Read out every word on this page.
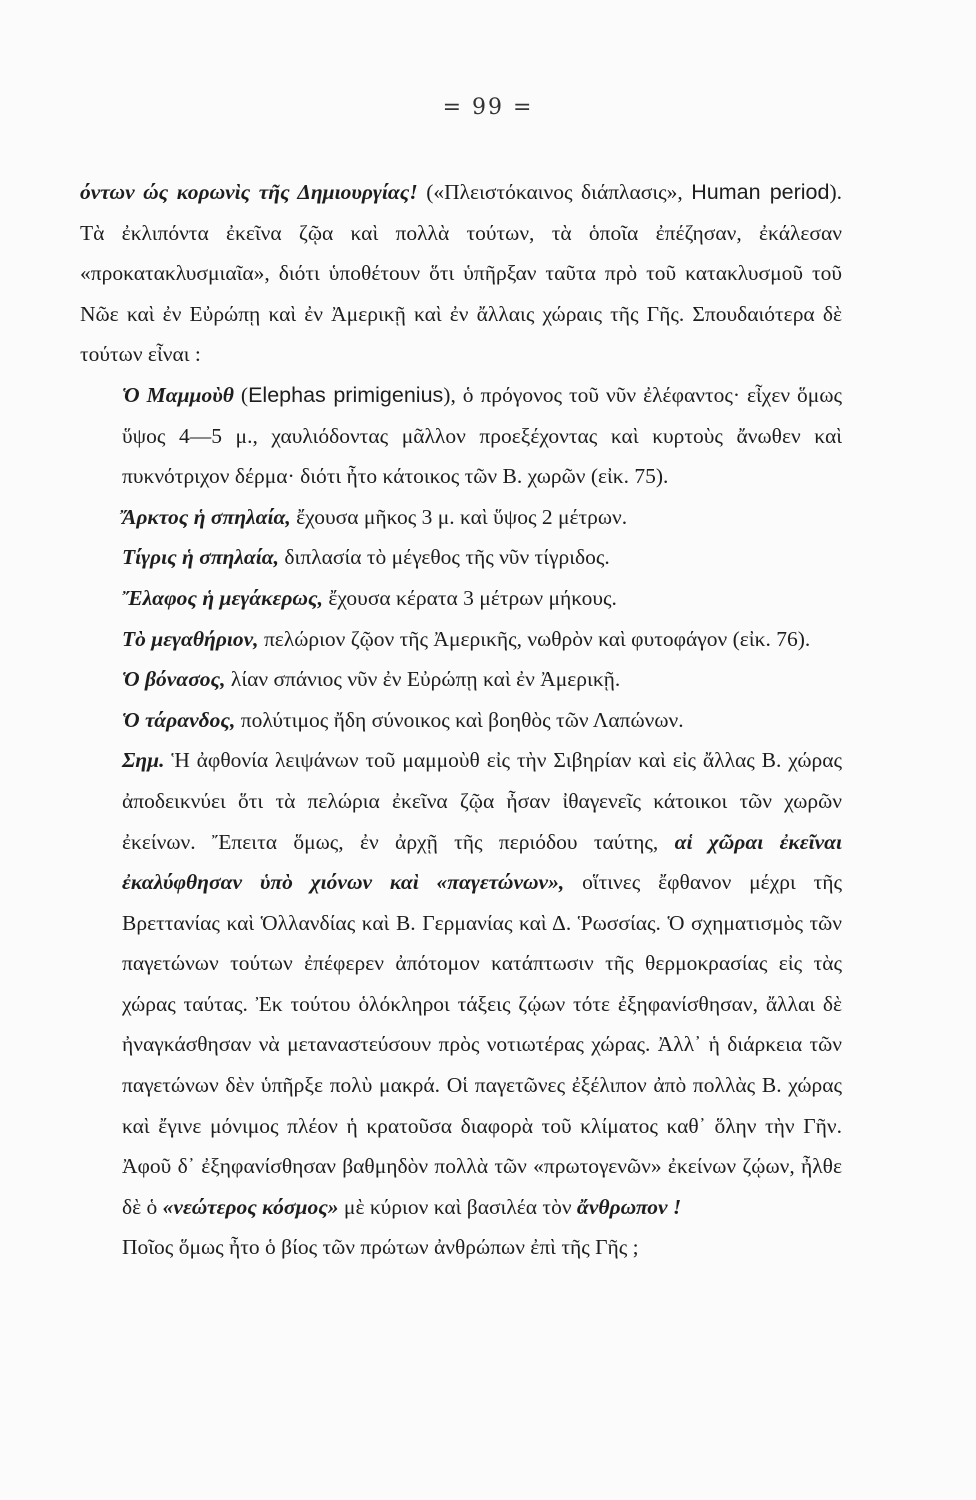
= 99 =

όντων ώς κορωνὶς τῆς Δημιουργίας! («Πλειστόκαινος διάπλασις», Human period). Τὰ ἐκλιπόντα ἐκεῖνα ζῷα καὶ πολλὰ τούτων, τὰ ὁποῖα ἐπέζησαν, ἐκάλεσαν «προκατακλυσμιαῖα», διότι ὑποθέτουν ὅτι ὑπῆρξαν ταῦτα πρὸ τοῦ κατακλυσμοῦ τοῦ Νῶε καὶ ἐν Εὐρώπῃ καὶ ἐν Ἀμερικῇ καὶ ἐν ἄλλαις χώραις τῆς Γῆς. Σπουδαιότερα δὲ τούτων εἶναι :

Ὁ Μαμμοὺθ (Elephas primigenius), ὁ πρόγονος τοῦ νῦν ἐλέφαντος· εἶχεν ὅμως ὕψος 4—5 μ., χαυλιόδοντας μᾶλλον προεξέχοντας καὶ κυρτοὺς ἄνωθεν καὶ πυκνότριχον δέρμα· διότι ἦτο κάτοικος τῶν Β. χωρῶν (εἰκ. 75).

Ἄρκτος ἡ σπηλαία, ἔχουσα μῆκος 3 μ. καὶ ὕψος 2 μέτρων.

Τίγρις ἡ σπηλαία, διπλασία τὸ μέγεθος τῆς νῦν τίγριδος.

Ἔλαφος ἡ μεγάκερως, ἔχουσα κέρατα 3 μέτρων μήκους.

Τὸ μεγαθήριον, πελώριον ζῷον τῆς Ἀμερικῆς, νωθρὸν καὶ φυτοφάγον (εἰκ. 76).

Ὁ βόνασος, λίαν σπάνιος νῦν ἐν Εὐρώπῃ καὶ ἐν Ἀμερικῇ.

Ὁ τάρανδος, πολύτιμος ἤδη σύνοικος καὶ βοηθὸς τῶν Λαπώνων.

Σημ. Ἡ ἀφθονία λειψάνων τοῦ μαμμοὺθ εἰς τὴν Σιβηρίαν καὶ εἰς ἄλλας Β. χώρας ἀποδεικνύει ὅτι τὰ πελώρια ἐκεῖνα ζῷα ἦσαν ἰθαγενεῖς κάτοικοι τῶν χωρῶν ἐκείνων. Ἔπειτα ὅμως, ἐν ἀρχῇ τῆς περιόδου ταύτης, αἱ χῶραι ἐκεῖναι ἐκαλύφθησαν ὑπὸ χιόνων καὶ «παγετώνων», οἵτινες ἔφθανον μέχρι τῆς Βρεττανίας καὶ Ὁλλανδίας καὶ Β. Γερμανίας καὶ Δ. Ῥωσσίας. Ὁ σχηματισμὸς τῶν παγετώνων τούτων ἐπέφερεν ἀπότομον κατάπτωσιν τῆς θερμοκρασίας εἰς τὰς χώρας ταύτας. Ἐκ τούτου ὁλόκληροι τάξεις ζῴων τότε ἐξηφανίσθησαν, ἄλλαι δὲ ἠναγκάσθησαν νὰ μεταναστεύσουν πρὸς νοτιωτέρας χώρας. Ἀλλ᾽ ἡ διάρκεια τῶν παγετώνων δὲν ὑπῆρξε πολὺ μακρά. Οἱ παγετῶνες ἐξέλιπον ἀπὸ πολλὰς Β. χώρας καὶ ἔγινε μόνιμος πλέον ἡ κρατοῦσα διαφορὰ τοῦ κλίματος καθ᾽ ὅλην τὴν Γῆν. Ἀφοῦ δ᾽ ἐξηφανίσθησαν βαθμηδὸν πολλὰ τῶν «πρωτογενῶν» ἐκείνων ζῴων, ἦλθε δὲ ὁ «νεώτερος κόσμος» μὲ κύριον καὶ βασιλέα τὸν ἄνθρωπον !

Ποῖος ὅμως ἦτο ὁ βίος τῶν πρώτων ἀνθρώπων ἐπὶ τῆς Γῆς ;
